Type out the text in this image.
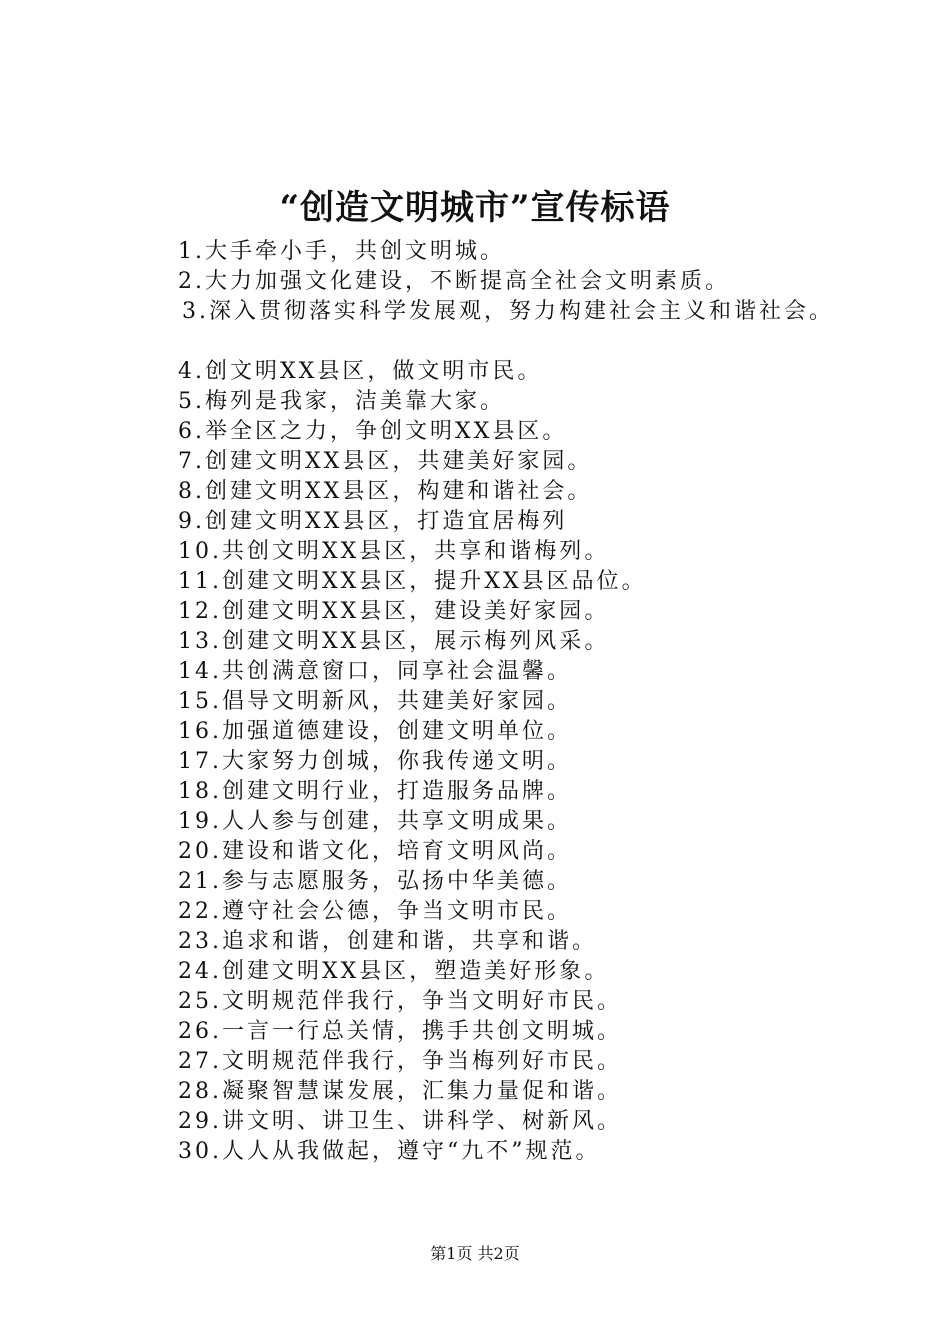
“创造文明城市”宣传标语
1.大手牵小手，共创文明城。
2.大力加强文化建设，不断提高全社会文明素质。
3.深入贯彻落实科学发展观，努力构建社会主义和谐社会。
4.创文明XX县区，做文明市民。
5.梅列是我家，洁美靠大家。
6.举全区之力，争创文明XX县区。
7.创建文明XX县区，共建美好家园。
8.创建文明XX县区，构建和谐社会。
9.创建文明XX县区，打造宜居梅列
10.共创文明XX县区，共享和谐梅列。
11.创建文明XX县区，提升XX县区品位。
12.创建文明XX县区，建设美好家园。
13.创建文明XX县区，展示梅列风采。
14.共创满意窗口，同享社会温馨。
15.倡导文明新风，共建美好家园。
16.加强道德建设，创建文明单位。
17.大家努力创城，你我传递文明。
18.创建文明行业，打造服务品牌。
19.人人参与创建，共享文明成果。
20.建设和谐文化，培育文明风尚。
21.参与志愿服务，弘扬中华美德。
22.遵守社会公德，争当文明市民。
23.追求和谐，创建和谐，共享和谐。
24.创建文明XX县区，塑造美好形象。
25.文明规范伴我行，争当文明好市民。
26.一言一行总关情，携手共创文明城。
27.文明规范伴我行，争当梅列好市民。
28.凝聚智慧谋发展，汇集力量促和谐。
29.讲文明、讲卫生、讲科学、树新风。
30.人人从我做起，遵守“九不”规范。
第1页 共2页
